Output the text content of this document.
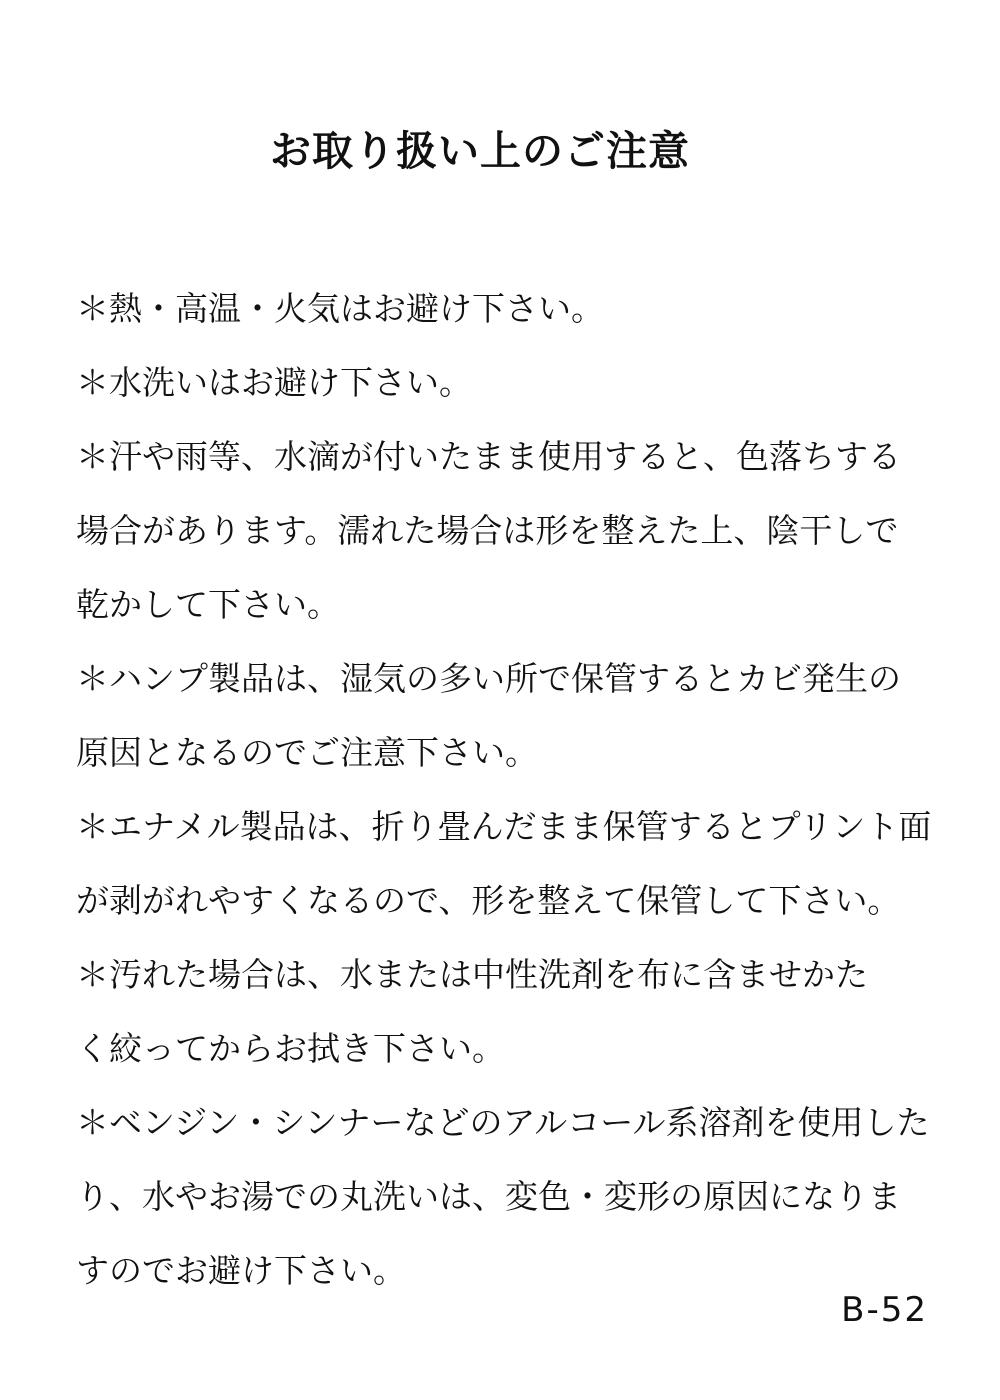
お取り扱い上のご注意
＊熱・高温・火気はお避け下さい。
＊水洗いはお避け下さい。
＊汗や雨等、水滴が付いたまま使用すると、色落ちする
場合があります。濡れた場合は形を整えた上、陰干しで
乾かして下さい。
＊ハンプ製品は、湿気の多い所で保管するとカビ発生の
原因となるのでご注意下さい。
＊エナメル製品は、折り畳んだまま保管するとプリント面
が剥がれやすくなるので、形を整えて保管して下さい。
＊汚れた場合は、水または中性洗剤を布に含ませかた
く絞ってからお拭き下さい。
＊ベンジン・シンナーなどのアルコール系溶剤を使用した
り、水やお湯での丸洗いは、変色・変形の原因になりま
すのでお避け下さい。
B-52
